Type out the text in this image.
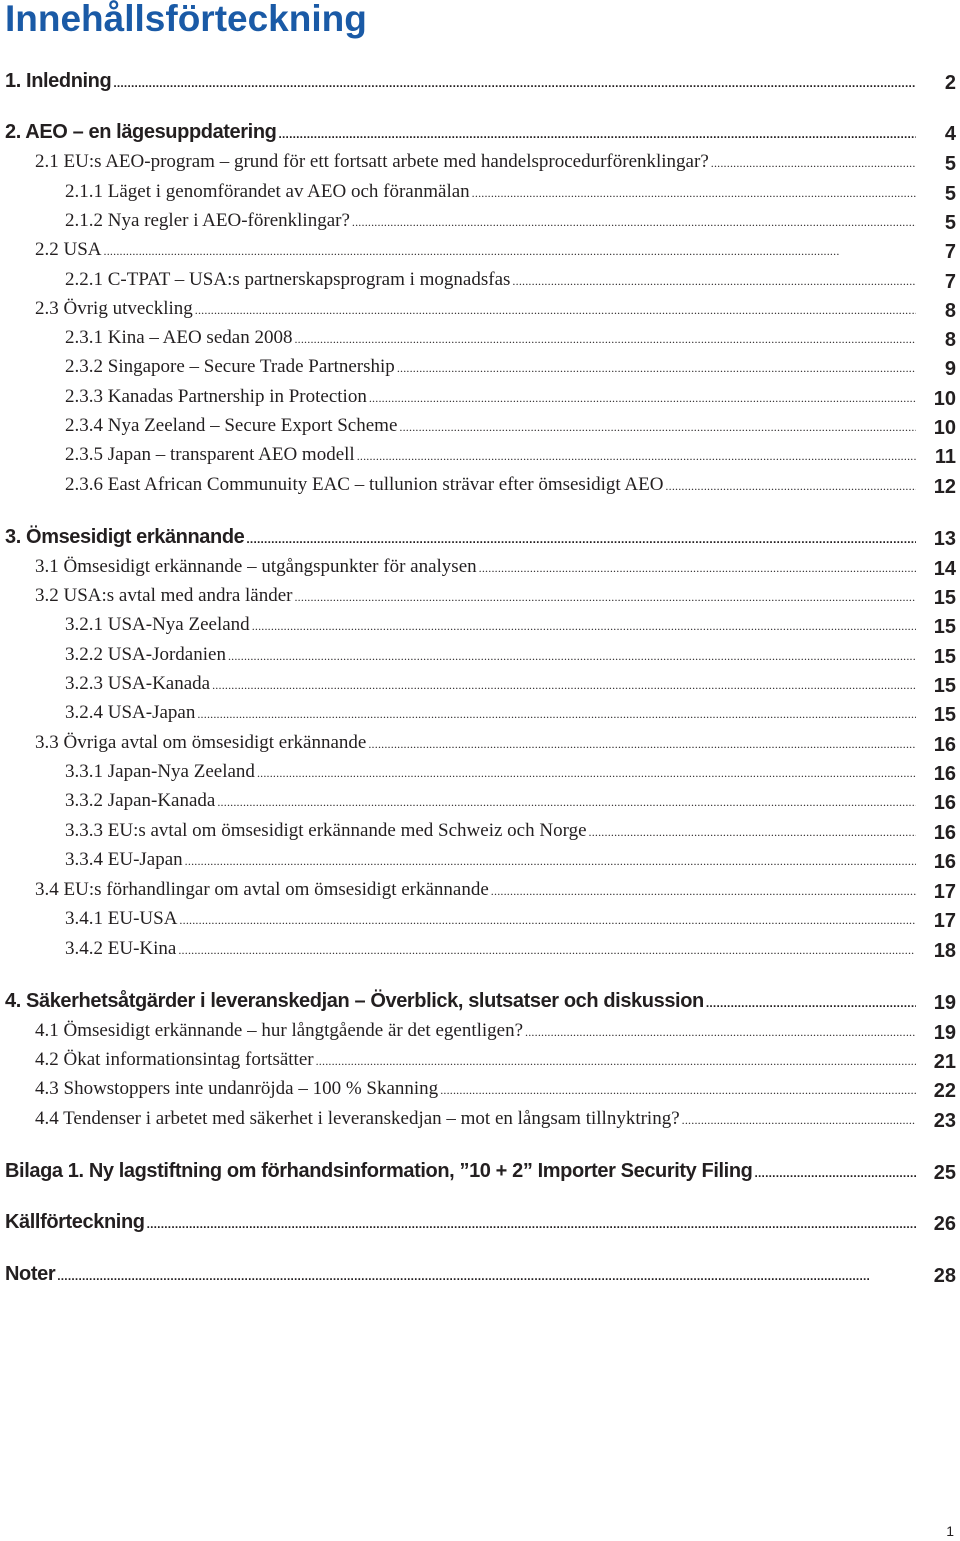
Innehållsförteckning
1. Inledning .....	2
2. AEO – en lägesuppdatering .....	4
2.1 EU:s AEO-program – grund för ett fortsatt arbete med handelsprocedurförenklingar? .....	5
2.1.1 Läget i genomförandet av AEO och föranmälan .....	5
2.1.2 Nya regler i AEO-förenklingar? .....	5
2.2 USA .....	7
2.2.1 C-TPAT – USA:s partnerskapsprogram i mognadsfas .....	7
2.3 Övrig utveckling .....	8
2.3.1 Kina – AEO sedan 2008 .....	8
2.3.2 Singapore – Secure Trade Partnership .....	9
2.3.3 Kanadas Partnership in Protection .....	10
2.3.4 Nya Zeeland – Secure Export Scheme .....	10
2.3.5 Japan – transparent AEO modell .....	11
2.3.6 East African Communuity EAC – tullunion strävar efter ömsesidigt AEO .....	12
3. Ömsesidigt erkännande .....	13
3.1 Ömsesidigt erkännande – utgångspunkter för analysen .....	14
3.2 USA:s avtal med andra länder .....	15
3.2.1 USA-Nya Zeeland .....	15
3.2.2 USA-Jordanien .....	15
3.2.3 USA-Kanada .....	15
3.2.4 USA-Japan .....	15
3.3 Övriga avtal om ömsesidigt erkännande .....	16
3.3.1 Japan-Nya Zeeland .....	16
3.3.2 Japan-Kanada .....	16
3.3.3 EU:s avtal om ömsesidigt erkännande med Schweiz och Norge .....	16
3.3.4 EU-Japan .....	16
3.4 EU:s förhandlingar om avtal om ömsesidigt erkännande .....	17
3.4.1 EU-USA .....	17
3.4.2 EU-Kina .....	18
4. Säkerhetsåtgärder i leveranskedjan – Överblick, slutsatser och diskussion .....	19
4.1 Ömsesidigt erkännande – hur långtgående är det egentligen? .....	19
4.2 Ökat informationsintag fortsätter .....	21
4.3 Showstoppers inte undanröjda – 100 % Skanning .....	22
4.4 Tendenser i arbetet med säkerhet i leveranskedjan – mot en långsam tillnyktring? .....	23
Bilaga 1. Ny lagstiftning om förhandsinformation, ”10 + 2” Importer Security Filing .....	25
Källförteckning .....	26
Noter .....	28
1
